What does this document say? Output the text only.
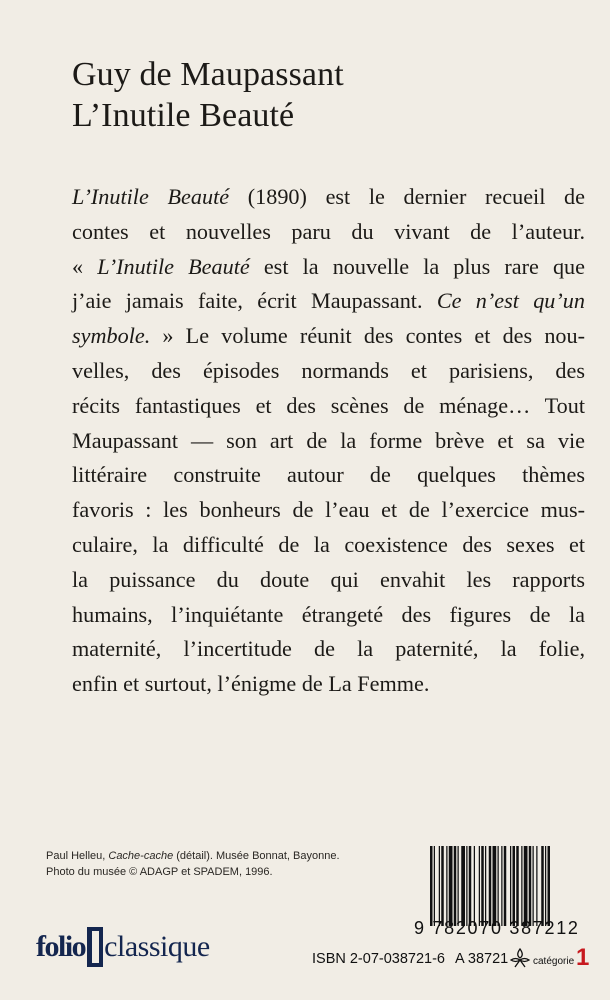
Guy de Maupassant
L’Inutile Beauté
L’Inutile Beauté (1890) est le dernier recueil de
contes et nouvelles paru du vivant de l’auteur.
« L’Inutile Beauté est la nouvelle la plus rare que
j’aie jamais faite, écrit Maupassant. Ce n’est qu’un
symbole. » Le volume réunit des contes et des nou-
velles, des épisodes normands et parisiens, des
récits fantastiques et des scènes de ménage… Tout
Maupassant — son art de la forme brève et sa vie
littéraire construite autour de quelques thèmes
favoris : les bonheurs de l’eau et de l’exercice mus-
culaire, la difficulté de la coexistence des sexes et
la puissance du doute qui envahit les rapports
humains, l’inquiétante étrangeté des figures de la
maternité, l’incertitude de la paternité, la folie,
enfin et surtout, l’énigme de La Femme.
Paul Helleu, Cache-cache (détail). Musée Bonnat, Bayonne.
Photo du musée © ADAGP et SPADEM, 1996.
folio classique
9 782070 387212
ISBN 2-07-038721-6 A 38721 catégorie 1
